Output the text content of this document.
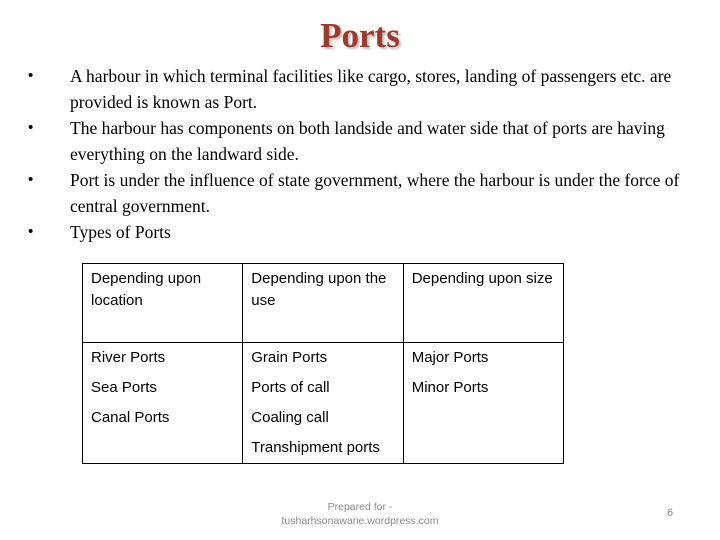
Ports
• A harbour in which terminal facilities like cargo, stores, landing of passengers etc. are provided is known as Port.
• The harbour has components on both landside and water side that of ports are having everything on the landward side.
• Port is under the influence of state government, where the harbour is under the force of central government.
• Types of Ports
Depending upon location	Depending upon the use	Depending upon size
River Ports	Grain Ports	Major Ports
Sea Ports	Ports of call	Minor Ports
Canal Ports	Coaling call	
	Transhipment ports	
Prepared for -
tusharhsonawane.wordpress.com
6
